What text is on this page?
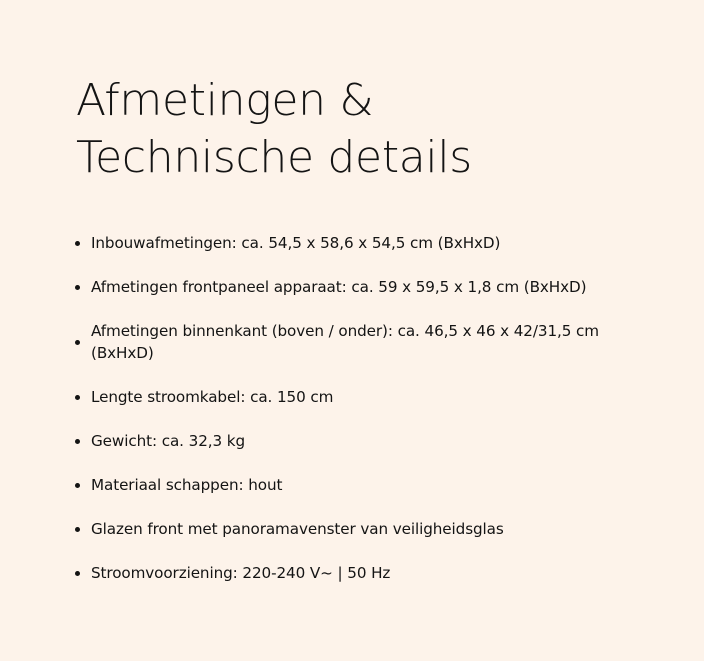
Afmetingen &
Technische details
Inbouwafmetingen: ca. 54,5 x 58,6 x 54,5 cm (BxHxD)
Afmetingen frontpaneel apparaat: ca. 59 x 59,5 x 1,8 cm (BxHxD)
Afmetingen binnenkant (boven / onder): ca. 46,5 x 46 x 42/31,5 cm (BxHxD)
Lengte stroomkabel: ca. 150 cm
Gewicht: ca. 32,3 kg
Materiaal schappen: hout
Glazen front met panoramavenster van veiligheidsglas
Stroomvoorziening: 220-240 V~ | 50 Hz
